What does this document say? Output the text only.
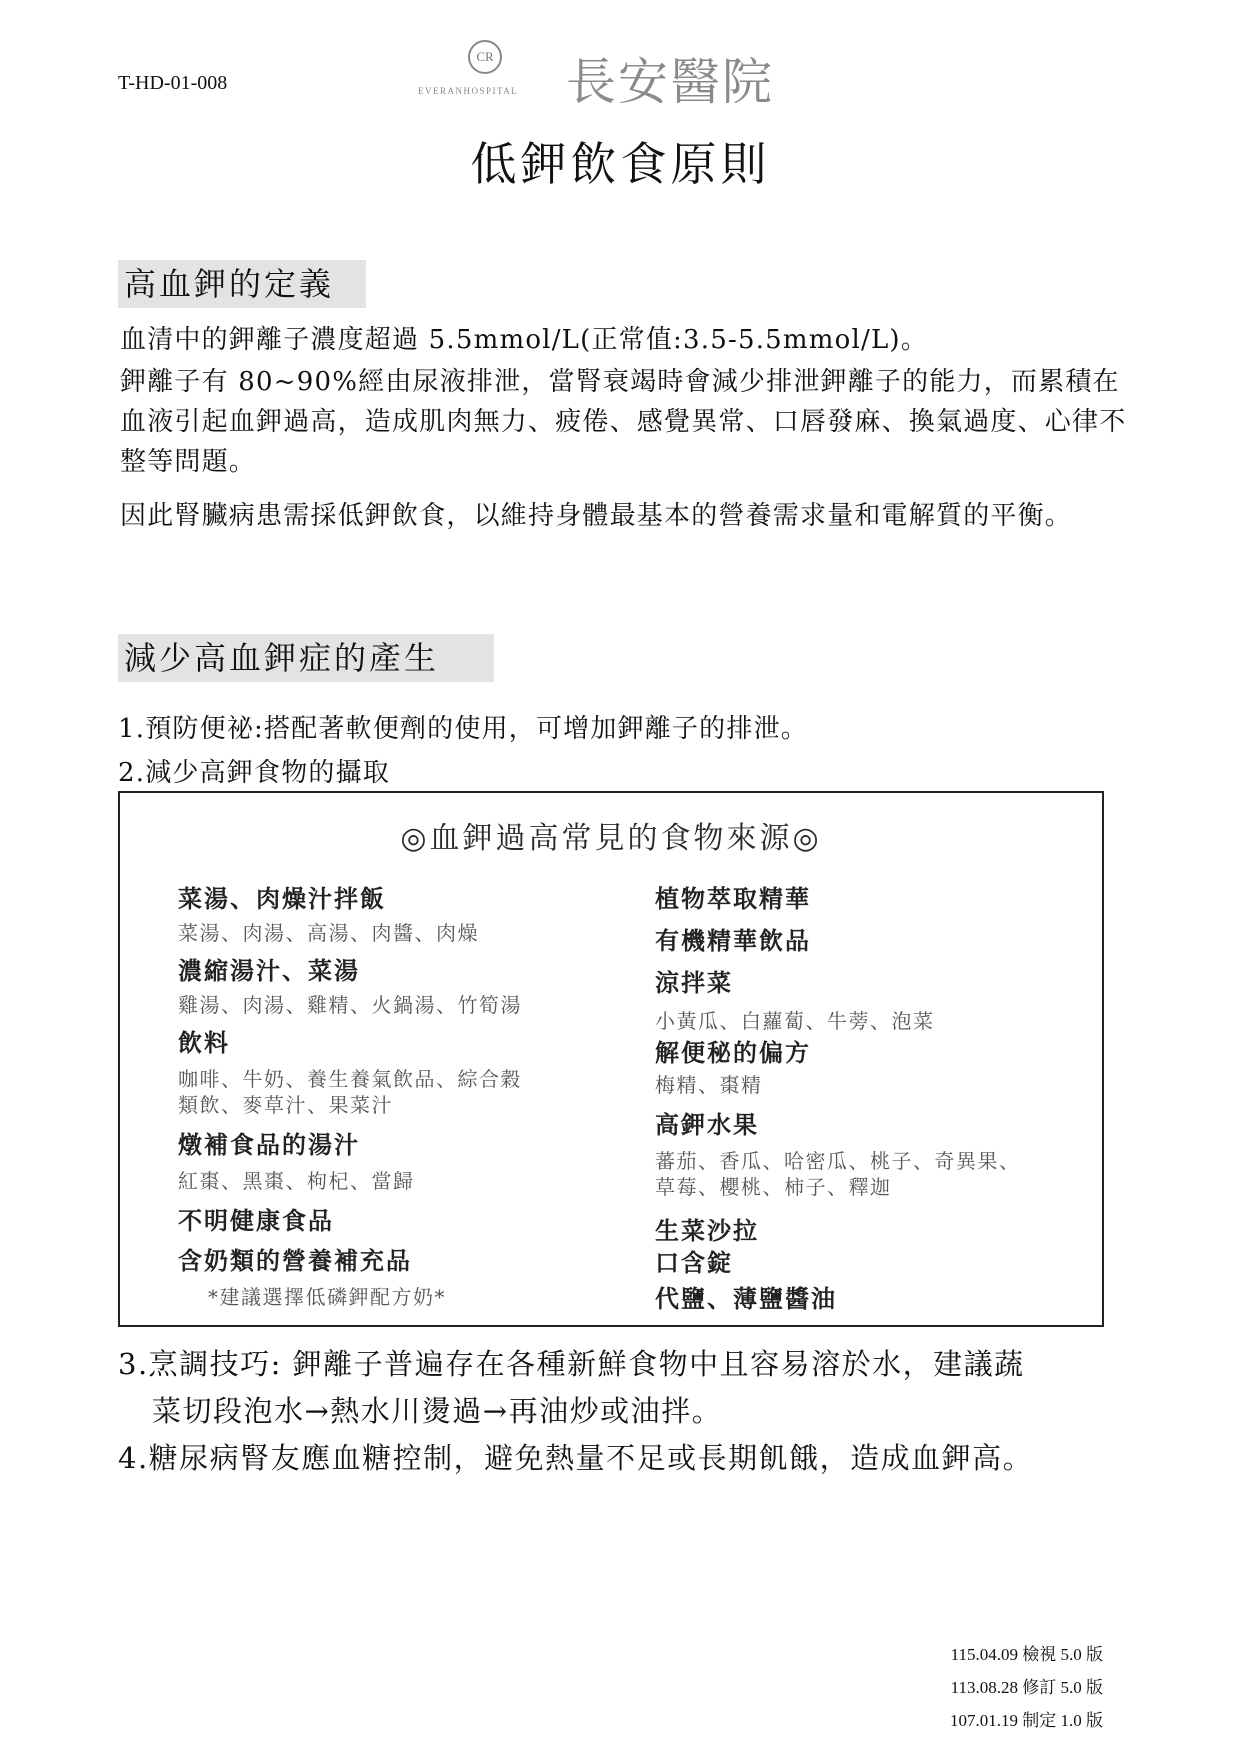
T-HD-01-008
CR
EVERANHOSPITAL 長安醫院
低鉀飲食原則
高血鉀的定義

血清中的鉀離子濃度超過 5.5mmol/L(正常值:3.5-5.5mmol/L)。

鉀離子有 80~90%經由尿液排泄，當腎衰竭時會減少排泄鉀離子的能力，而累積在血液引起血鉀過高，造成肌肉無力、疲倦、感覺異常、口唇發麻、換氣過度、心律不整等問題。

因此腎臟病患需採低鉀飲食，以維持身體最基本的營養需求量和電解質的平衡。

減少高血鉀症的產生

1.預防便祕:搭配著軟便劑的使用，可增加鉀離子的排泄。

2.減少高鉀食物的攝取

◎血鉀過高常見的食物來源◎
菜湯、肉燥汁拌飯
菜湯、肉湯、高湯、肉醬、肉燥
濃縮湯汁、菜湯
雞湯、肉湯、雞精、火鍋湯、竹筍湯
飲料
咖啡、牛奶、養生養氣飲品、綜合穀
類飲、麥草汁、果菜汁
燉補食品的湯汁
紅棗、黑棗、枸杞、當歸
不明健康食品
含奶類的營養補充品
*建議選擇低磷鉀配方奶*
植物萃取精華
有機精華飲品
涼拌菜
小黃瓜、白蘿蔔、牛蒡、泡菜
解便秘的偏方
梅精、棗精
高鉀水果
蕃茄、香瓜、哈密瓜、桃子、奇異果、
草莓、櫻桃、柿子、釋迦
生菜沙拉
口含錠
代鹽、薄鹽醬油

3.烹調技巧: 鉀離子普遍存在各種新鮮食物中且容易溶於水，建議蔬

菜切段泡水→熱水川燙過→再油炒或油拌。

4.糖尿病腎友應血糖控制，避免熱量不足或長期飢餓，造成血鉀高。

115.04.09 檢視 5.0 版

113.08.28 修訂 5.0 版

107.01.19 制定 1.0 版
